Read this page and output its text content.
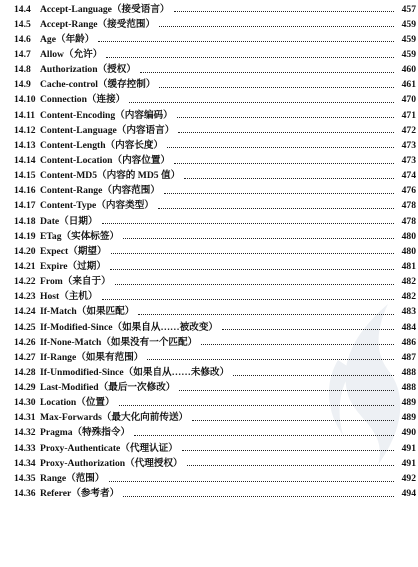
14.4 Accept-Language（接受语言）	457
14.5 Accept-Range（接受范围）	459
14.6 Age（年龄）	459
14.7 Allow（允许）	459
14.8 Authorization（授权）	460
14.9 Cache-control（缓存控制）	461
14.10 Connection（连接）	470
14.11 Content-Encoding（内容编码）	471
14.12 Content-Language（内容语言）	472
14.13 Content-Length（内容长度）	473
14.14 Content-Location（内容位置）	473
14.15 Content-MD5（内容的 MD5 值）	474
14.16 Content-Range（内容范围）	476
14.17 Content-Type（内容类型）	478
14.18 Date（日期）	478
14.19 ETag（实体标签）	480
14.20 Expect（期望）	480
14.21 Expire（过期）	481
14.22 From（来自于）	482
14.23 Host（主机）	482
14.24 If-Match（如果匹配）	483
14.25 If-Modified-Since（如果自从……被改变）	484
14.26 If-None-Match（如果没有一个匹配）	486
14.27 If-Range（如果有范围）	487
14.28 If-Unmodified-Since（如果自从……未修改）	488
14.29 Last-Modified（最后一次修改）	488
14.30 Location（位置）	489
14.31 Max-Forwards（最大化向前传送）	489
14.32 Pragma（特殊指令）	490
14.33 Proxy-Authenticate（代理认证）	491
14.34 Proxy-Authorization（代理授权）	491
14.35 Range（范围）	492
14.36 Referer（参考者）	494
